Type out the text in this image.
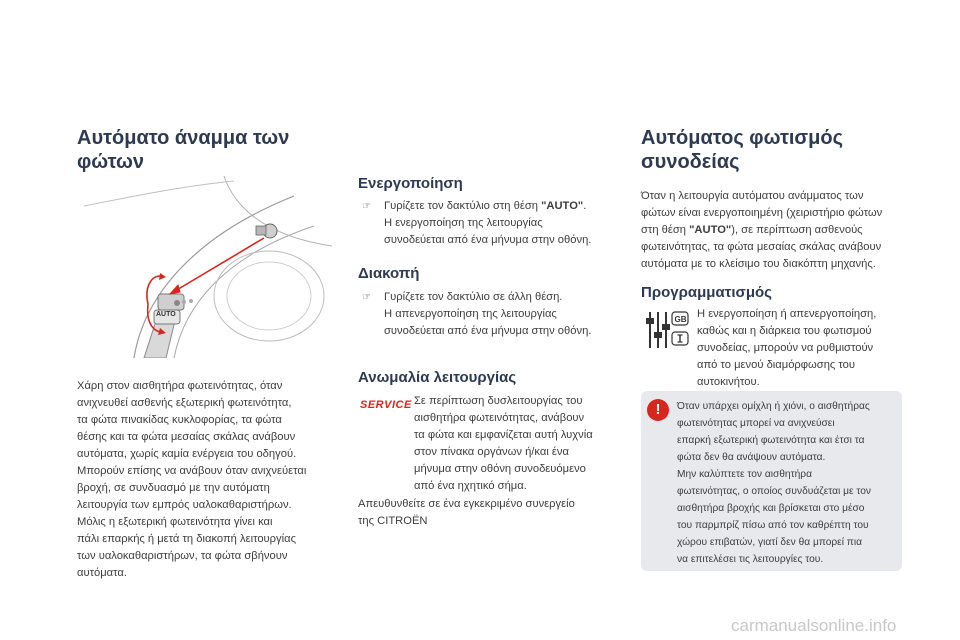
Αυτόματο άναμμα των
φώτων
AUTO
Χάρη στον αισθητήρα φωτεινότητας, όταν
ανιχνευθεί ασθενής εξωτερική φωτεινότητα,
τα φώτα πινακίδας κυκλοφορίας, τα φώτα
θέσης και τα φώτα μεσαίας σκάλας ανάβουν
αυτόματα, χωρίς καμία ενέργεια του οδηγού.
Μπορούν επίσης να ανάβουν όταν ανιχνεύεται
βροχή, σε συνδυασμό με την αυτόματη
λειτουργία των εμπρός υαλοκαθαριστήρων.
Μόλις η εξωτερική φωτεινότητα γίνει και
πάλι επαρκής ή μετά τη διακοπή λειτουργίας
των υαλοκαθαριστήρων, τα φώτα σβήνουν
αυτόματα.
Ενεργοποίηση
☞ Γυρίζετε τον δακτύλιο στη θέση "AUTO".
Η ενεργοποίηση της λειτουργίας
συνοδεύεται από ένα μήνυμα στην οθόνη.
Διακοπή
☞ Γυρίζετε τον δακτύλιο σε άλλη θέση.
Η απενεργοποίηση της λειτουργίας
συνοδεύεται από ένα μήνυμα στην οθόνη.
Ανωμαλία λειτουργίας
SERVICE Σε περίπτωση δυσλειτουργίας του
αισθητήρα φωτεινότητας, ανάβουν
τα φώτα και εμφανίζεται αυτή λυχνία
στον πίνακα οργάνων ή/και ένα
μήνυμα στην οθόνη συνοδευόμενο
από ένα ηχητικό σήμα.
Απευθυνθείτε σε ένα εγκεκριμένο συνεργείο
της CITROËN
Αυτόματος φωτισμός
συνοδείας
Όταν η λειτουργία αυτόματου ανάμματος των
φώτων είναι ενεργοποιημένη (χειριστήριο φώτων
στη θέση "AUTO"), σε περίπτωση ασθενούς
φωτεινότητας, τα φώτα μεσαίας σκάλας ανάβουν
αυτόματα με το κλείσιμο του διακόπτη μηχανής.
Προγραμματισμός
GB Η ενεργοποίηση ή απενεργοποίηση,
καθώς και η διάρκεια του φωτισμού
συνοδείας, μπορούν να ρυθμιστούν
από το μενού διαμόρφωσης του
αυτοκινήτου.
!	Όταν υπάρχει ομίχλη ή χιόνι, ο αισθητήρας
φωτεινότητας μπορεί να ανιχνεύσει
επαρκή εξωτερική φωτεινότητα και έτσι τα
φώτα δεν θα ανάψουν αυτόματα.
Μην καλύπτετε τον αισθητήρα
φωτεινότητας, ο οποίος συνδυάζεται με τον
αισθητήρα βροχής και βρίσκεται στο μέσο
του παρμπρίζ πίσω από τον καθρέπτη του
χώρου επιβατών, γιατί δεν θα μπορεί πια
να επιτελέσει τις λειτουργίες του.
carmanualsonline.info
